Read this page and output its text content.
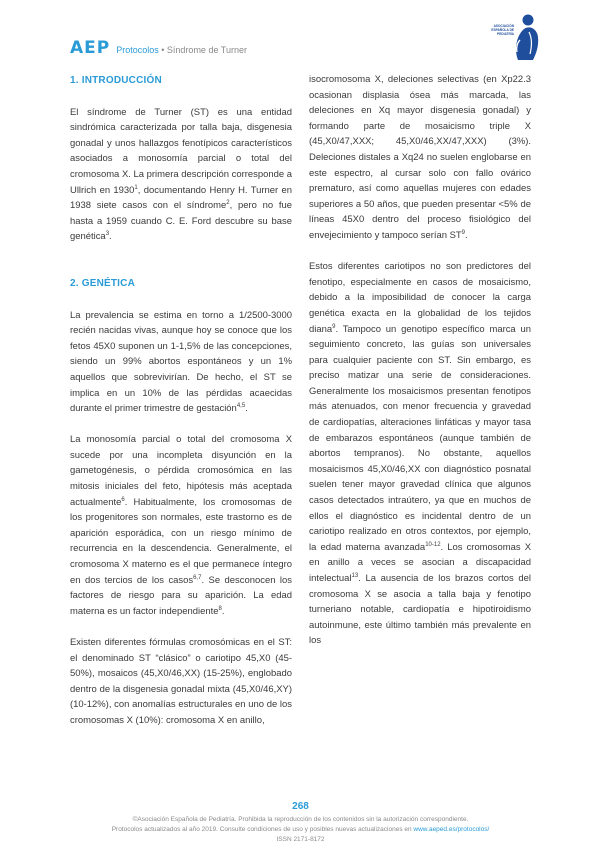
AEP Protocolos • Síndrome de Turner
ASOCIACIÓN ESPAÑOLA DE PEDIATRÍA
1. INTRODUCCIÓN

El síndrome de Turner (ST) es una entidad sindrómica caracterizada por talla baja, disgenesia gonadal y unos hallazgos fenotípicos característicos asociados a monosomía parcial o total del cromosoma X. La primera descripción corresponde a Ullrich en 1930$^1$, documentando Henry H. Turner en 1938 siete casos con el síndrome$^2$, pero no fue hasta a 1959 cuando C. E. Ford descubre su base genética$^3$.

2. GENÉTICA

La prevalencia se estima en torno a 1/2500-3000 recién nacidas vivas, aunque hoy se conoce que los fetos 45X0 suponen un 1-1,5% de las concepciones, siendo un 99% abortos espontáneos y un 1% aquellos que sobrevivirían. De hecho, el ST se implica en un 10% de las pérdidas acaecidas durante el primer trimestre de gestación$^{4,5}$.

La monosomía parcial o total del cromosoma X sucede por una incompleta disyunción en la gametogénesis, o pérdida cromosómica en las mitosis iniciales del feto, hipótesis más aceptada actualmente$^6$. Habitualmente, los cromosomas de los progenitores son normales, este trastorno es de aparición esporádica, con un riesgo mínimo de recurrencia en la descendencia. Generalmente, el cromosoma X materno es el que permanece íntegro en dos tercios de los casos$^{6,7}$. Se desconocen los factores de riesgo para su aparición. La edad materna es un factor independiente$^8$.

Existen diferentes fórmulas cromosómicas en el ST: el denominado ST “clásico” o cariotipo 45,X0 (45-50%), mosaicos (45,X0/46,XX) (15-25%), englobado dentro de la disgenesia gonadal mixta (45,X0/46,XY) (10-12%), con anomalías estructurales en uno de los cromosomas X (10%): cromosoma X en anillo,

isocromosoma X, deleciones selectivas (en Xp22.3 ocasionan displasia ósea más marcada, las deleciones en Xq mayor disgenesia gonadal) y formando parte de mosaicismo triple X (45,X0/47,XXX; 45,X0/46,XX/47,XXX) (3%). Deleciones distales a Xq24 no suelen englobarse en este espectro, al cursar solo con fallo ovárico prematuro, así como aquellas mujeres con edades superiores a 50 años, que pueden presentar <5% de líneas 45X0 dentro del proceso fisiológico del envejecimiento y tampoco serían $ST^9$.

Estos diferentes cariotipos no son predictores del fenotipo, especialmente en casos de mosaicismo, debido a la imposibilidad de conocer la carga genética exacta en la globalidad de los tejidos diana$^9$. Tampoco un genotipo específico marca un seguimiento concreto, las guías son universales para cualquier paciente con ST. Sin embargo, es preciso matizar una serie de consideraciones. Generalmente los mosaicismos presentan fenotipos más atenuados, con menor frecuencia y gravedad de cardiopatías, alteraciones linfáticas y mayor tasa de embarazos espontáneos (aunque también de abortos tempranos). No obstante, aquellos mosaicismos 45,X0/46,XX con diagnóstico posnatal suelen tener mayor gravedad clínica que algunos casos detectados intraútero, ya que en muchos de ellos el diagnóstico es incidental dentro de un cariotipo realizado en otros contextos, por ejemplo, la edad materna avanzada$^{10-12}$. Los cromosomas X en anillo a veces se asocian a discapacidad intelectual$^{13}$. La ausencia de los brazos cortos del cromosoma X se asocia a talla baja y fenotipo turneriano notable, cardiopatía e hipotiroidismo autoinmune, este último también más prevalente en los

268
©Asociación Española de Pediatría. Prohibida la reproducción de los contenidos sin la autorización correspondiente.
Protocolos actualizados al año 2019. Consulte condiciones de uso y posibles nuevas actualizaciones en www.aeped.es/protocolos/
ISSN 2171-8172
